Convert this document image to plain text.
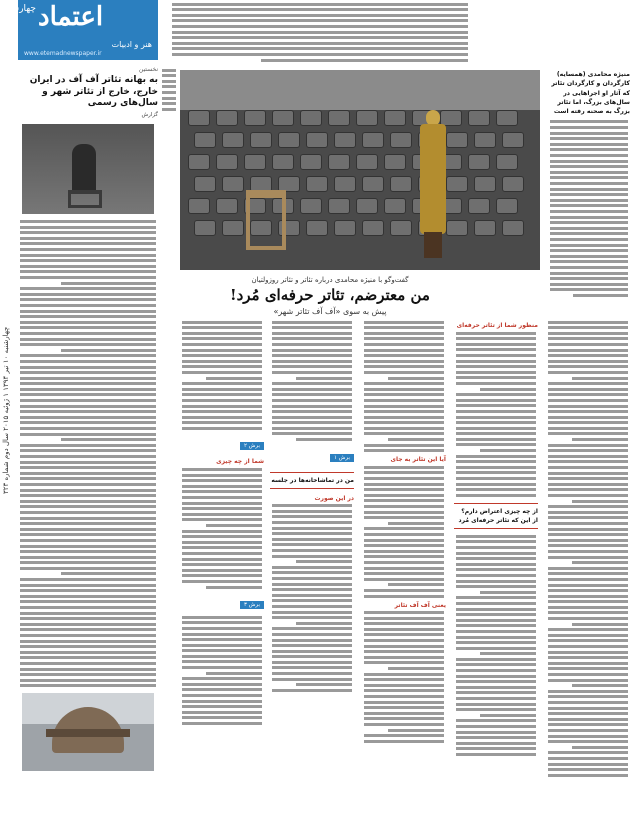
چهارشنبه ۱۰ تیر ۱۳۹۴ ۱ ژوئیه ۲۰۱۵ سال دوم شماره ۳۲۳
چهارشنبه اعتماد
هنر و ادبیات
www.etemadnewspaper.ir
نخستین
به بهانه تئاتر آف آف در ایران خارج، خارج از تئاتر شهر و سال‌های رسمی
گزارش
منیژه محامدی (همسایه) کارگردان و کارگردان تئاتر که آثار او اجراهایی در سال‌های بزرگ، اما تئاتر بزرگ به صحنه رفته است
گفت‌وگو با منیژه محامدی درباره تئاتر و تئاتر روزولتیان
من معترضم، تئاتر حرفه‌ای مُرد!
پیش به سوی «آف آف تئاتر شهر»
منظور شما از تئاتر حرفه‌ای
از چه چیزی اعتراض دارم؟ از این که تئاتر حرفه‌ای مُرد
آیا این تئاتر به جای
یعنی آف آف تئاتر
برش ۱
من در تماشاخانه‌ها در جلسه
در این صورت
برش ۲
شما از چه چیزی
برش ۳
